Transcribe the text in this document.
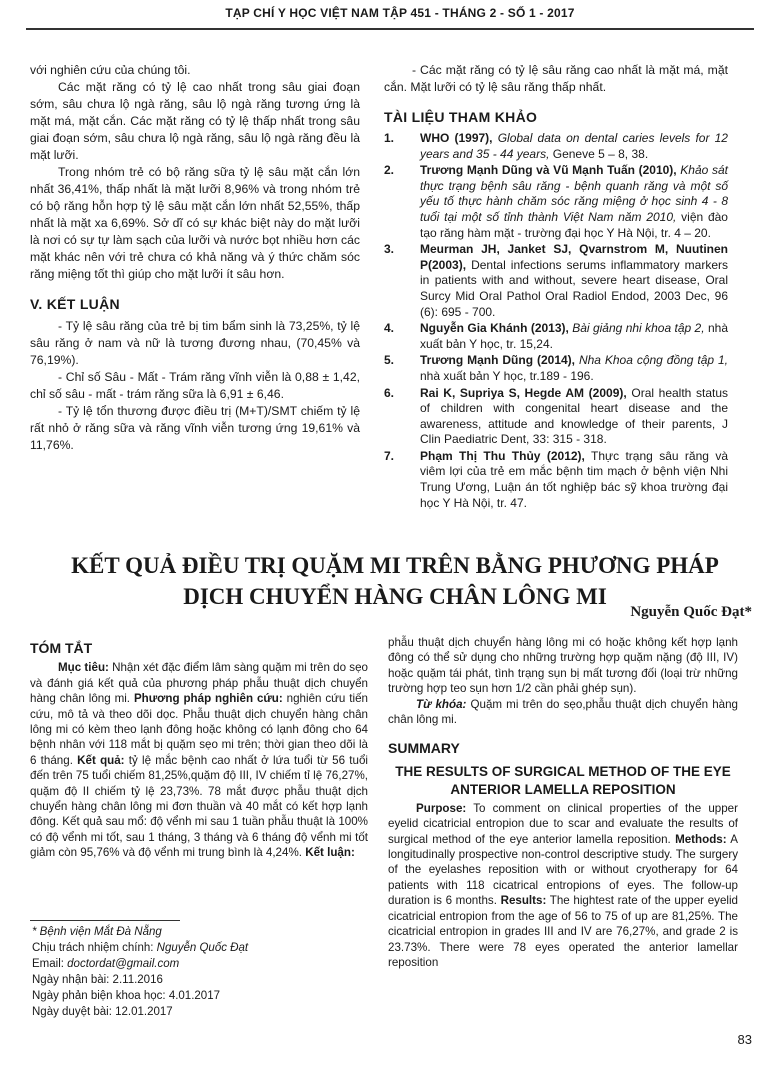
TẠP CHÍ Y HỌC VIỆT NAM TẬP 451 - THÁNG 2 - SỐ 1 - 2017

với nghiên cứu của chúng tôi.

Các mặt răng có tỷ lệ cao nhất trong sâu giai đoạn sớm, sâu chưa lộ ngà răng, sâu lộ ngà răng tương ứng là mặt má, mặt cắn. Các mặt răng có tỷ lệ thấp nhất trong sâu giai đoạn sớm, sâu chưa lộ ngà răng, sâu lộ ngà răng đều là mặt lưỡi.

Trong nhóm trẻ có bộ răng sữa tỷ lệ sâu mặt cắn lớn nhất 36,41%, thấp nhất là mặt lưỡi 8,96% và trong nhóm trẻ có bộ răng hỗn hợp tỷ lệ sâu mặt cắn lớn nhất 52,55%, thấp nhất là mặt xa 6,69%. Sở dĩ có sự khác biệt này do mặt lưỡi là nơi có sự tự làm sạch của lưỡi và nước bọt nhiều hơn các mặt khác nên với trẻ chưa có khả năng và ý thức chăm sóc răng miệng tốt thì giúp cho mặt lưỡi ít sâu hơn.

V. KẾT LUẬN

- Tỷ lệ sâu răng của trẻ bị tim bẩm sinh là 73,25%, tỷ lệ sâu răng ở nam và nữ là tương đương nhau, (70,45% và 76,19%).

- Chỉ số Sâu - Mất - Trám răng vĩnh viễn là 0,88 ± 1,42, chỉ số sâu - mất - trám răng sữa là 6,91 ± 6,46.

- Tỷ lệ tổn thương được điều trị (M+T)/SMT chiếm tỷ lệ rất nhỏ ở răng sữa và răng vĩnh viễn tương ứng 19,61% và 11,76%.

- Các mặt răng có tỷ lệ sâu răng cao nhất là mặt má, mặt cắn. Mặt lưỡi có tỷ lệ sâu răng thấp nhất.

TÀI LIỆU THAM KHẢO
1. WHO (1997), Global data on dental caries levels for 12 years and 35 - 44 years, Geneve 5 – 8, 38.
2. Trương Mạnh Dũng và Vũ Mạnh Tuấn (2010), Khảo sát thực trạng bệnh sâu răng - bệnh quanh răng và một số yếu tố thực hành chăm sóc răng miệng ở học sinh 4 - 8 tuổi tại một số tỉnh thành Việt Nam năm 2010, viện đào tạo răng hàm mặt - trường đại học Y Hà Nội, tr. 4 – 20.
3. Meurman JH, Janket SJ, Qvarnstrom M, Nuutinen P(2003), Dental infections serums inflammatory markers in patients with and without, severe heart disease, Oral Surcy Mid Oral Pathol Oral Radiol Endod, 2003 Dec, 96 (6): 695 - 700.
4. Nguyễn Gia Khánh (2013), Bài giảng nhi khoa tập 2, nhà xuất bản Y học, tr. 15,24.
5. Trương Mạnh Dũng (2014), Nha Khoa cộng đồng tập 1, nhà xuất bản Y học, tr.189 - 196.
6. Rai K, Supriya S, Hegde AM (2009), Oral health status of children with congenital heart disease and the awareness, attitude and knowledge of their parents, J Clin Paediatric Dent, 33: 315 - 318.
7. Phạm Thị Thu Thủy (2012), Thực trạng sâu răng và viêm lợi của trẻ em mắc bệnh tim mạch ở bệnh viện Nhi Trung Ương, Luận án tốt nghiệp bác sỹ khoa trường đại học Y Hà Nội, tr. 47.
KẾT QUẢ ĐIỀU TRỊ QUẶM MI TRÊN BẰNG PHƯƠNG PHÁP
DỊCH CHUYỂN HÀNG CHÂN LÔNG MI
Nguyễn Quốc Đạt*
TÓM TẮT

Mục tiêu: Nhận xét đặc điểm lâm sàng quặm mi trên do sẹo và đánh giá kết quả của phương pháp phẫu thuật dịch chuyển hàng chân lông mi. Phương pháp nghiên cứu: nghiên cứu tiến cứu, mô tả và theo dõi dọc. Phẫu thuật dịch chuyển hàng chân lông mi có kèm theo lạnh đông hoặc không có lạnh đông cho 64 bệnh nhân với 118 mắt bị quặm sẹo mi trên; thời gian theo dõi là 6 tháng. Kết quả: tỷ lệ mắc bệnh cao nhất ở lứa tuổi từ 56 tuổi đến trên 75 tuổi chiếm 81,25%,quặm độ III, IV chiếm tỉ lệ 76,27%, quặm độ II chiếm tỷ lệ 23,73%. 78 mắt được phẫu thuật dịch chuyển hàng chân lông mi đơn thuần và 40 mắt có kết hợp lạnh đông. Kết quả sau mổ: độ vểnh mi sau 1 tuần phẫu thuật là 100% có độ vểnh mi tốt, sau 1 tháng, 3 tháng và 6 tháng độ vểnh mi tốt giảm còn 95,76% và độ vểnh mi trung bình là 4,24%. Kết luận:

phẫu thuật dịch chuyển hàng lông mi có hoặc không kết hợp lạnh đông có thể sử dụng cho những trường hợp quặm nặng (độ III, IV) hoặc quặm tái phát, tình trạng sụn bị mất tương đối (loại trừ những trường hợp teo sụn hơn 1/2 cần phải ghép sụn).

Từ khóa: Quặm mi trên do sẹo,phẫu thuật dịch chuyển hàng chân lông mi.

SUMMARY
THE RESULTS OF SURGICAL METHOD OF THE EYE ANTERIOR LAMELLA REPOSITION

Purpose: To comment on clinical properties of the upper eyelid cicatricial entropion due to scar and evaluate the results of surgical method of the eye anterior lamella reposition. Methods: A longitudinally prospective non-control descriptive study. The surgery of the eyelashes reposition with or without cryotherapy for 64 patients with 118 cicatrical entropions of eyes. The follow-up duration is 6 months. Results: The hightest rate of the upper eyelid cicatricial entropion from the age of 56 to 75 of up are 81,25%. The cicatricial entropion in grades III and IV are 76,27%, and grade 2 is 23.73%. There were 78 eyes operated the anterior lamellar reposition

* Bệnh viện Mắt Đà Nẵng

Chịu trách nhiệm chính: Nguyễn Quốc Đạt

Email: doctordat@gmail.com

Ngày nhận bài: 2.11.2016

Ngày phản biện khoa học: 4.01.2017

Ngày duyệt bài: 12.01.2017

83
